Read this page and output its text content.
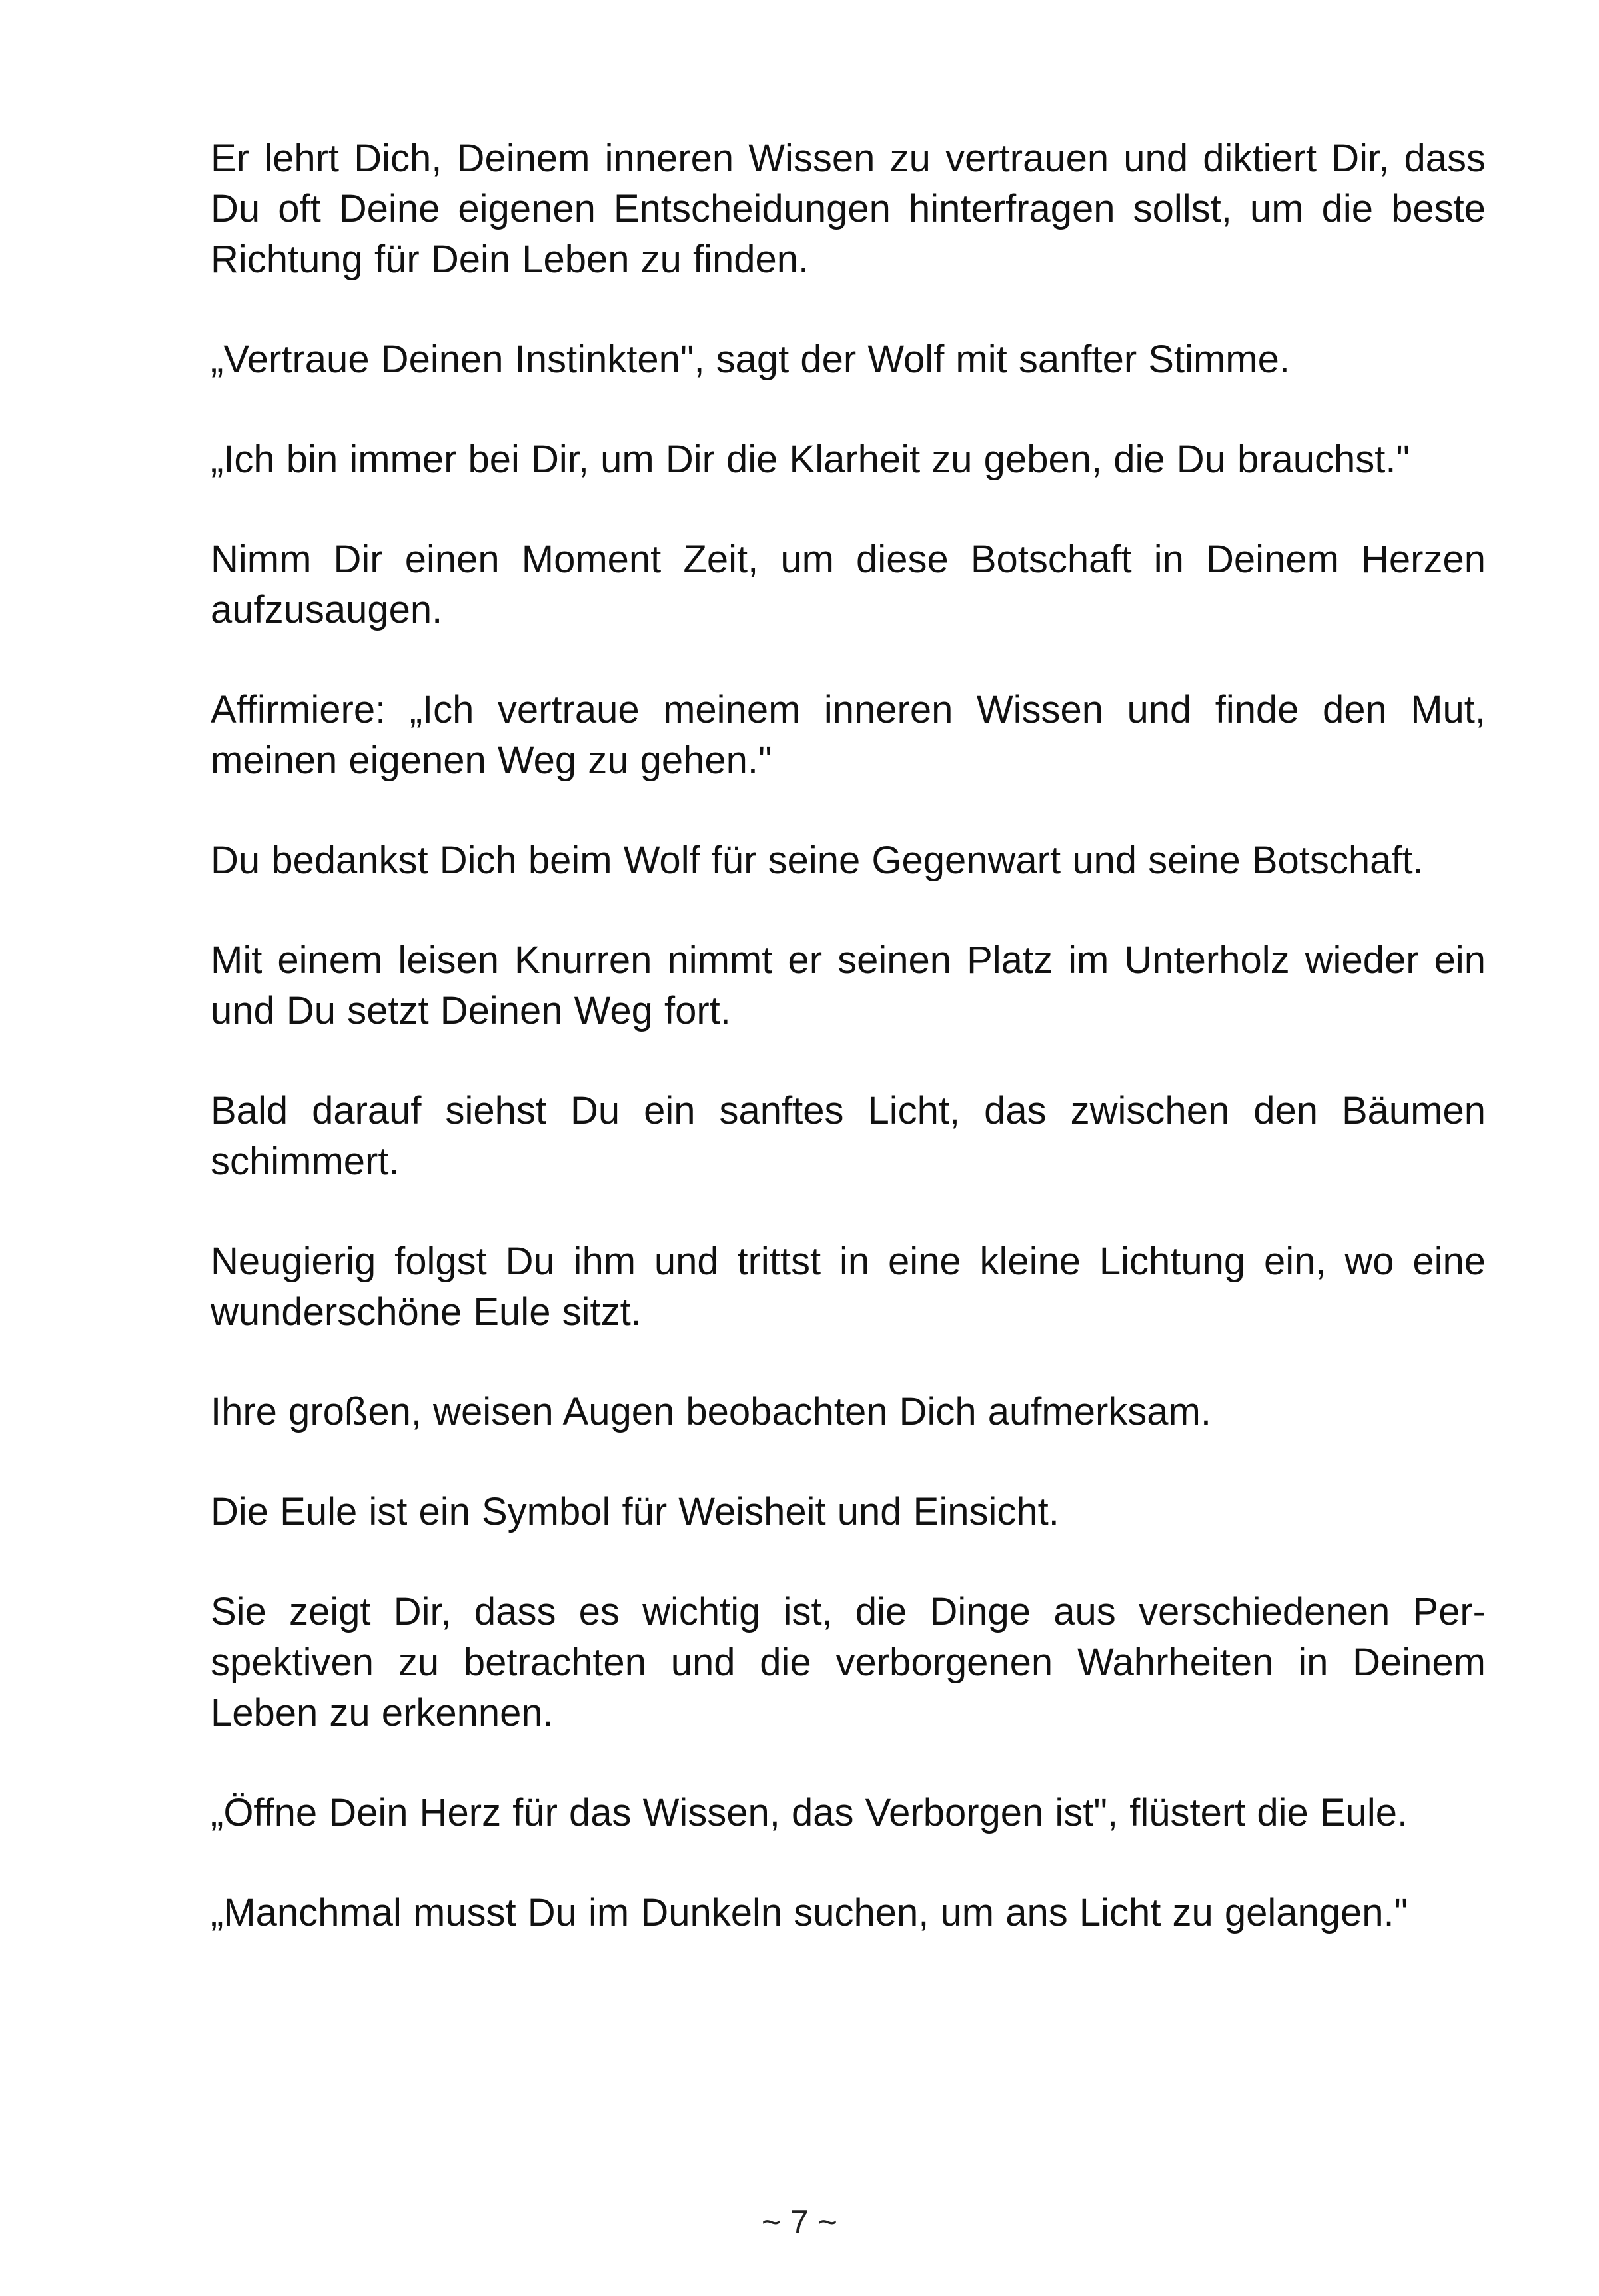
Er lehrt Dich, Deinem inneren Wissen zu vertrauen und diktiert Dir, dass Du oft Deine eigenen Entscheidungen hinterfragen sollst, um die beste Richtung für Dein Leben zu finden.

„Vertraue Deinen Instinkten", sagt der Wolf mit sanfter Stimme.

„Ich bin immer bei Dir, um Dir die Klarheit zu geben, die Du brauchst."

Nimm Dir einen Moment Zeit, um diese Botschaft in Deinem Herzen aufzusaugen.

Affirmiere: „Ich vertraue meinem inneren Wissen und finde den Mut, meinen eigenen Weg zu gehen."

Du bedankst Dich beim Wolf für seine Gegenwart und seine Botschaft.

Mit einem leisen Knurren nimmt er seinen Platz im Unterholz wieder ein und Du setzt Deinen Weg fort.

Bald darauf siehst Du ein sanftes Licht, das zwischen den Bäumen schimmert.

Neugierig folgst Du ihm und trittst in eine kleine Lichtung ein, wo eine wunderschöne Eule sitzt.

Ihre großen, weisen Augen beobachten Dich aufmerksam.

Die Eule ist ein Symbol für Weisheit und Einsicht.

Sie zeigt Dir, dass es wichtig ist, die Dinge aus verschiedenen Perspektiven zu betrachten und die verborgenen Wahrheiten in Deinem Leben zu erkennen.

„Öffne Dein Herz für das Wissen, das Verborgen ist", flüstert die Eule.

„Manchmal musst Du im Dunkeln suchen, um ans Licht zu gelangen."

~ 7 ~
